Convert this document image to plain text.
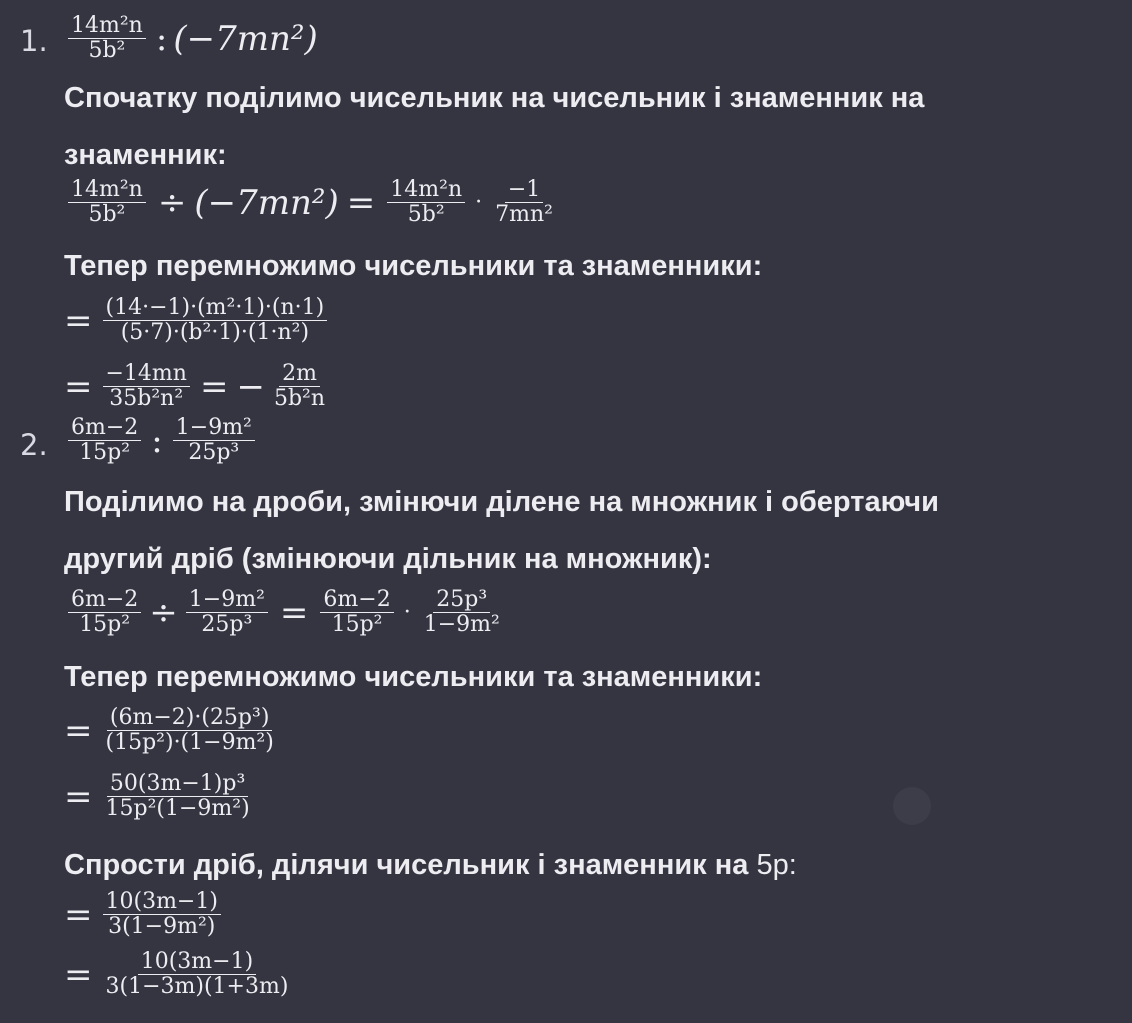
1. $\frac{\text{14m²n}}{\text{5b²}}$ : (−7mn²)
Спочатку поділимо чисельник на чисельник і знаменник на
знаменник:
$\frac{\text{14m²n}}{\text{5b²}} \div (-7mn^2) = \frac{\text{14m²n}}{\text{5b²}} \cdot \frac{-1}{\text{7mn²}}$
Тепер перемножимо чисельники та знаменники:
= $\frac{\text{(14·−1)·(m²·1)·(n·1)}}{\text{(5·7)·(b²·1)·(1·n²)}}$
= $\frac{-14mn}{\text{35b²n²}}$ = − $\frac{2m}{\text{5b²n}}$
2. $\frac{6m-2}{\text{15p²}}$ : $\frac{\text{1−9m²}}{\text{25p³}}$
Поділимо на дроби, змінючи ділене на множник і обертаючи
другий дріб (змінюючи дільник на множник):
$\frac{6m-2}{\text{15p²}} \div \frac{\text{1−9m²}}{\text{25p³}} = \frac{6m-2}{\text{15p²}} \cdot \frac{\text{25p³}}{\text{1−9m²}}$
Тепер перемножимо чисельники та знаменники:
= $\frac{\text{(6m−2)·(25p³)}}{\text{(15p²)·(1−9m²)}}$
= $\frac{\text{50(3m−1)p³}}{\text{15p²(1−9m²)}}$
Спрости дріб, ділячи чисельник і знаменник на 5p:
= $\frac{10(3m-1)}{\text{3(1−9m²)}}$
= $\frac{10(3m-1)}{3(1-3m)(1+3m)}$
